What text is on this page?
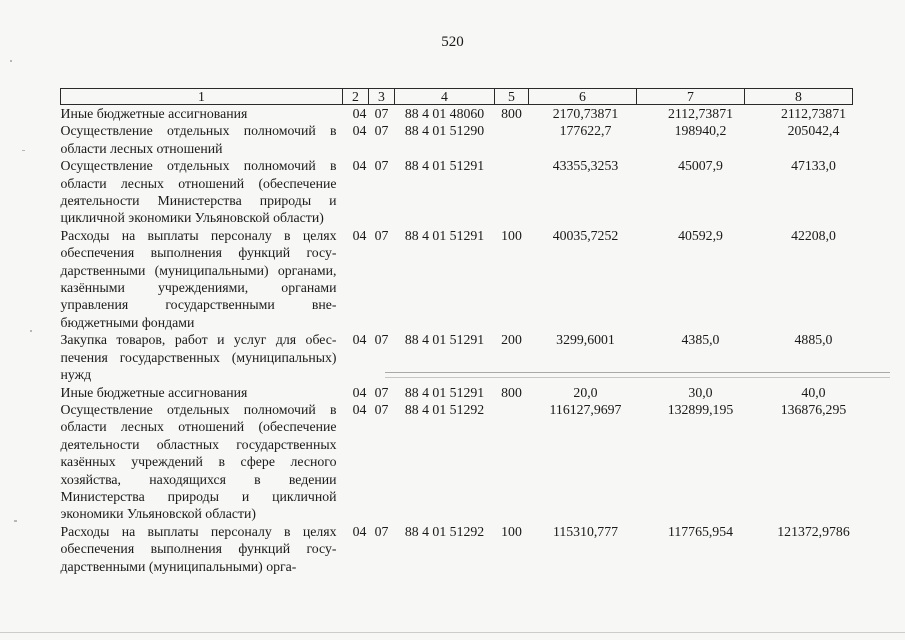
520
1	2	3	4	5	6	7	8
Иные бюджетные ассигнования	04	07	88 4 01 48060	800	2170,73871	2112,73871	2112,73871
Осуществление отдельных полномочий в области лесных отношений	04	07	88 4 01 51290		177622,7	198940,2	205042,4
Осуществление отдельных полномочий в области лесных отношений (обеспечение деятельности Министерства природы и цикличной экономики Ульяновской области)	04	07	88 4 01 51291		43355,3253	45007,9	47133,0
Расходы на выплаты персоналу в целях обеспечения выполнения функций государственными (муниципальными) органами, казёнными учреждениями, органами управления государственными внебюджетными фондами	04	07	88 4 01 51291	100	40035,7252	40592,9	42208,0
Закупка товаров, работ и услуг для обеспечения государственных (муниципальных) нужд	04	07	88 4 01 51291	200	3299,6001	4385,0	4885,0
Иные бюджетные ассигнования	04	07	88 4 01 51291	800	20,0	30,0	40,0
Осуществление отдельных полномочий в области лесных отношений (обеспечение деятельности областных государственных казённых учреждений в сфере лесного хозяйства, находящихся в ведении Министерства природы и цикличной экономики Ульяновской области)	04	07	88 4 01 51292		116127,9697	132899,195	136876,295
Расходы на выплаты персоналу в целях обеспечения выполнения функций государственными (муниципальными) орга-	04	07	88 4 01 51292	100	115310,777	117765,954	121372,9786
